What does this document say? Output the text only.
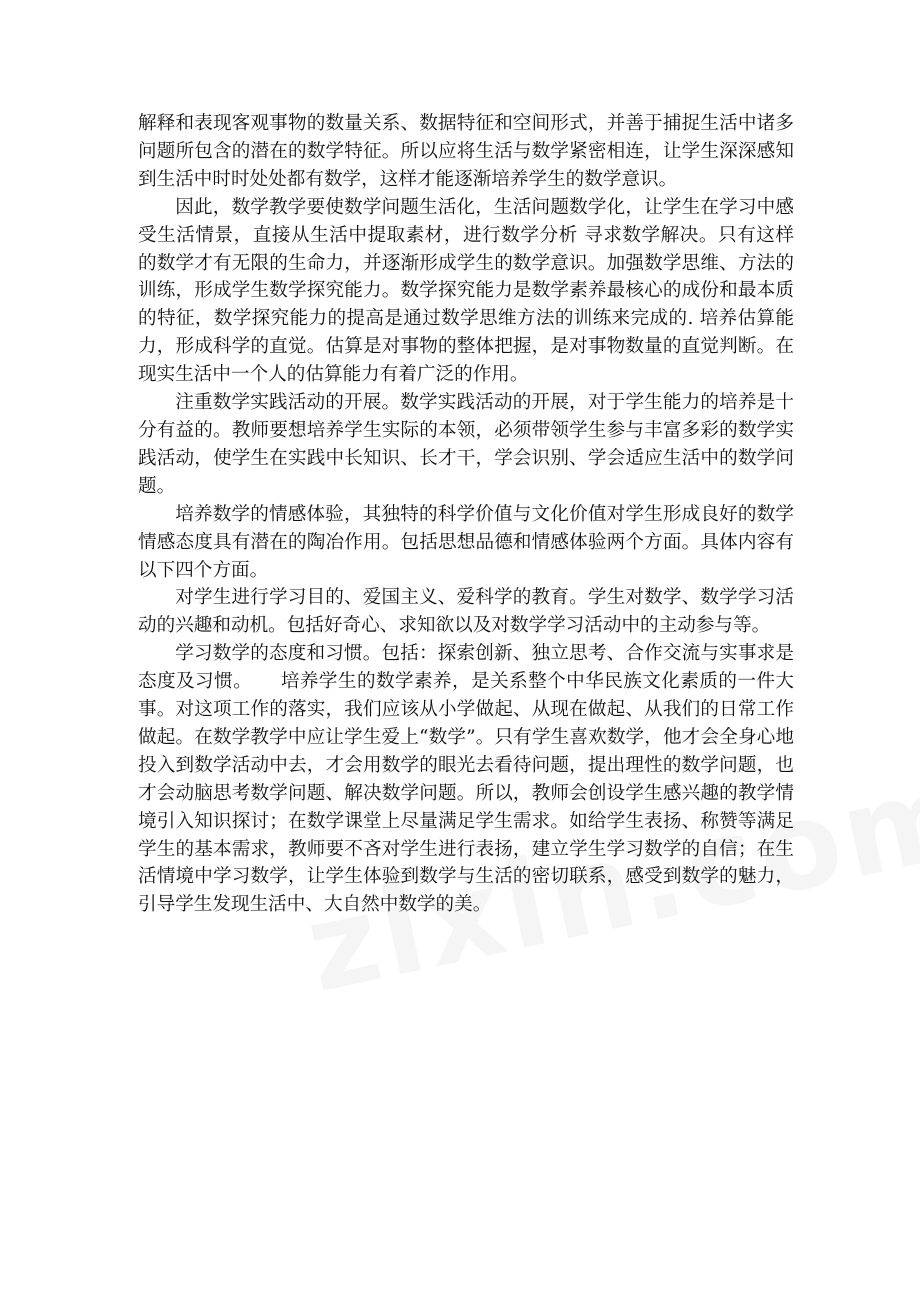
解释和表现客观事物的数量关系、数据特征和空间形式，并善于捕捉生活中诸多问题所包含的潜在的数学特征。所以应将生活与数学紧密相连，让学生深深感知到生活中时时处处都有数学，这样才能逐渐培养学生的数学意识。

因此，数学教学要使数学问题生活化，生活问题数学化，让学生在学习中感受生活情景，直接从生活中提取素材，进行数学分析 寻求数学解决。只有这样的数学才有无限的生命力，并逐渐形成学生的数学意识。加强数学思维、方法的训练，形成学生数学探究能力。数学探究能力是数学素养最核心的成份和最本质的特征，数学探究能力的提高是通过数学思维方法的训练来完成的. 培养估算能力，形成科学的直觉。估算是对事物的整体把握，是对事物数量的直觉判断。在现实生活中一个人的估算能力有着广泛的作用。

注重数学实践活动的开展。数学实践活动的开展，对于学生能力的培养是十分有益的。教师要想培养学生实际的本领，必须带领学生参与丰富多彩的数学实践活动，使学生在实践中长知识、长才干，学会识别、学会适应生活中的数学问题。

培养数学的情感体验，其独特的科学价值与文化价值对学生形成良好的数学情感态度具有潜在的陶冶作用。包括思想品德和情感体验两个方面。具体内容有以下四个方面。

对学生进行学习目的、爱国主义、爱科学的教育。学生对数学、数学学习活动的兴趣和动机。包括好奇心、求知欲以及对数学学习活动中的主动参与等。

学习数学的态度和习惯。包括：探索创新、独立思考、合作交流与实事求是态度及习惯。　　培养学生的数学素养，是关系整个中华民族文化素质的一件大事。对这项工作的落实，我们应该从小学做起、从现在做起、从我们的日常工作做起。在数学教学中应让学生爱上“数学”。只有学生喜欢数学，他才会全身心地投入到数学活动中去，才会用数学的眼光去看待问题，提出理性的数学问题，也才会动脑思考数学问题、解决数学问题。所以，教师会创设学生感兴趣的教学情境引入知识探讨；在数学课堂上尽量满足学生需求。如给学生表扬、称赞等满足学生的基本需求，教师要不吝对学生进行表扬，建立学生学习数学的自信；在生活情境中学习数学，让学生体验到数学与生活的密切联系，感受到数学的魅力，引导学生发现生活中、大自然中数学的美。
